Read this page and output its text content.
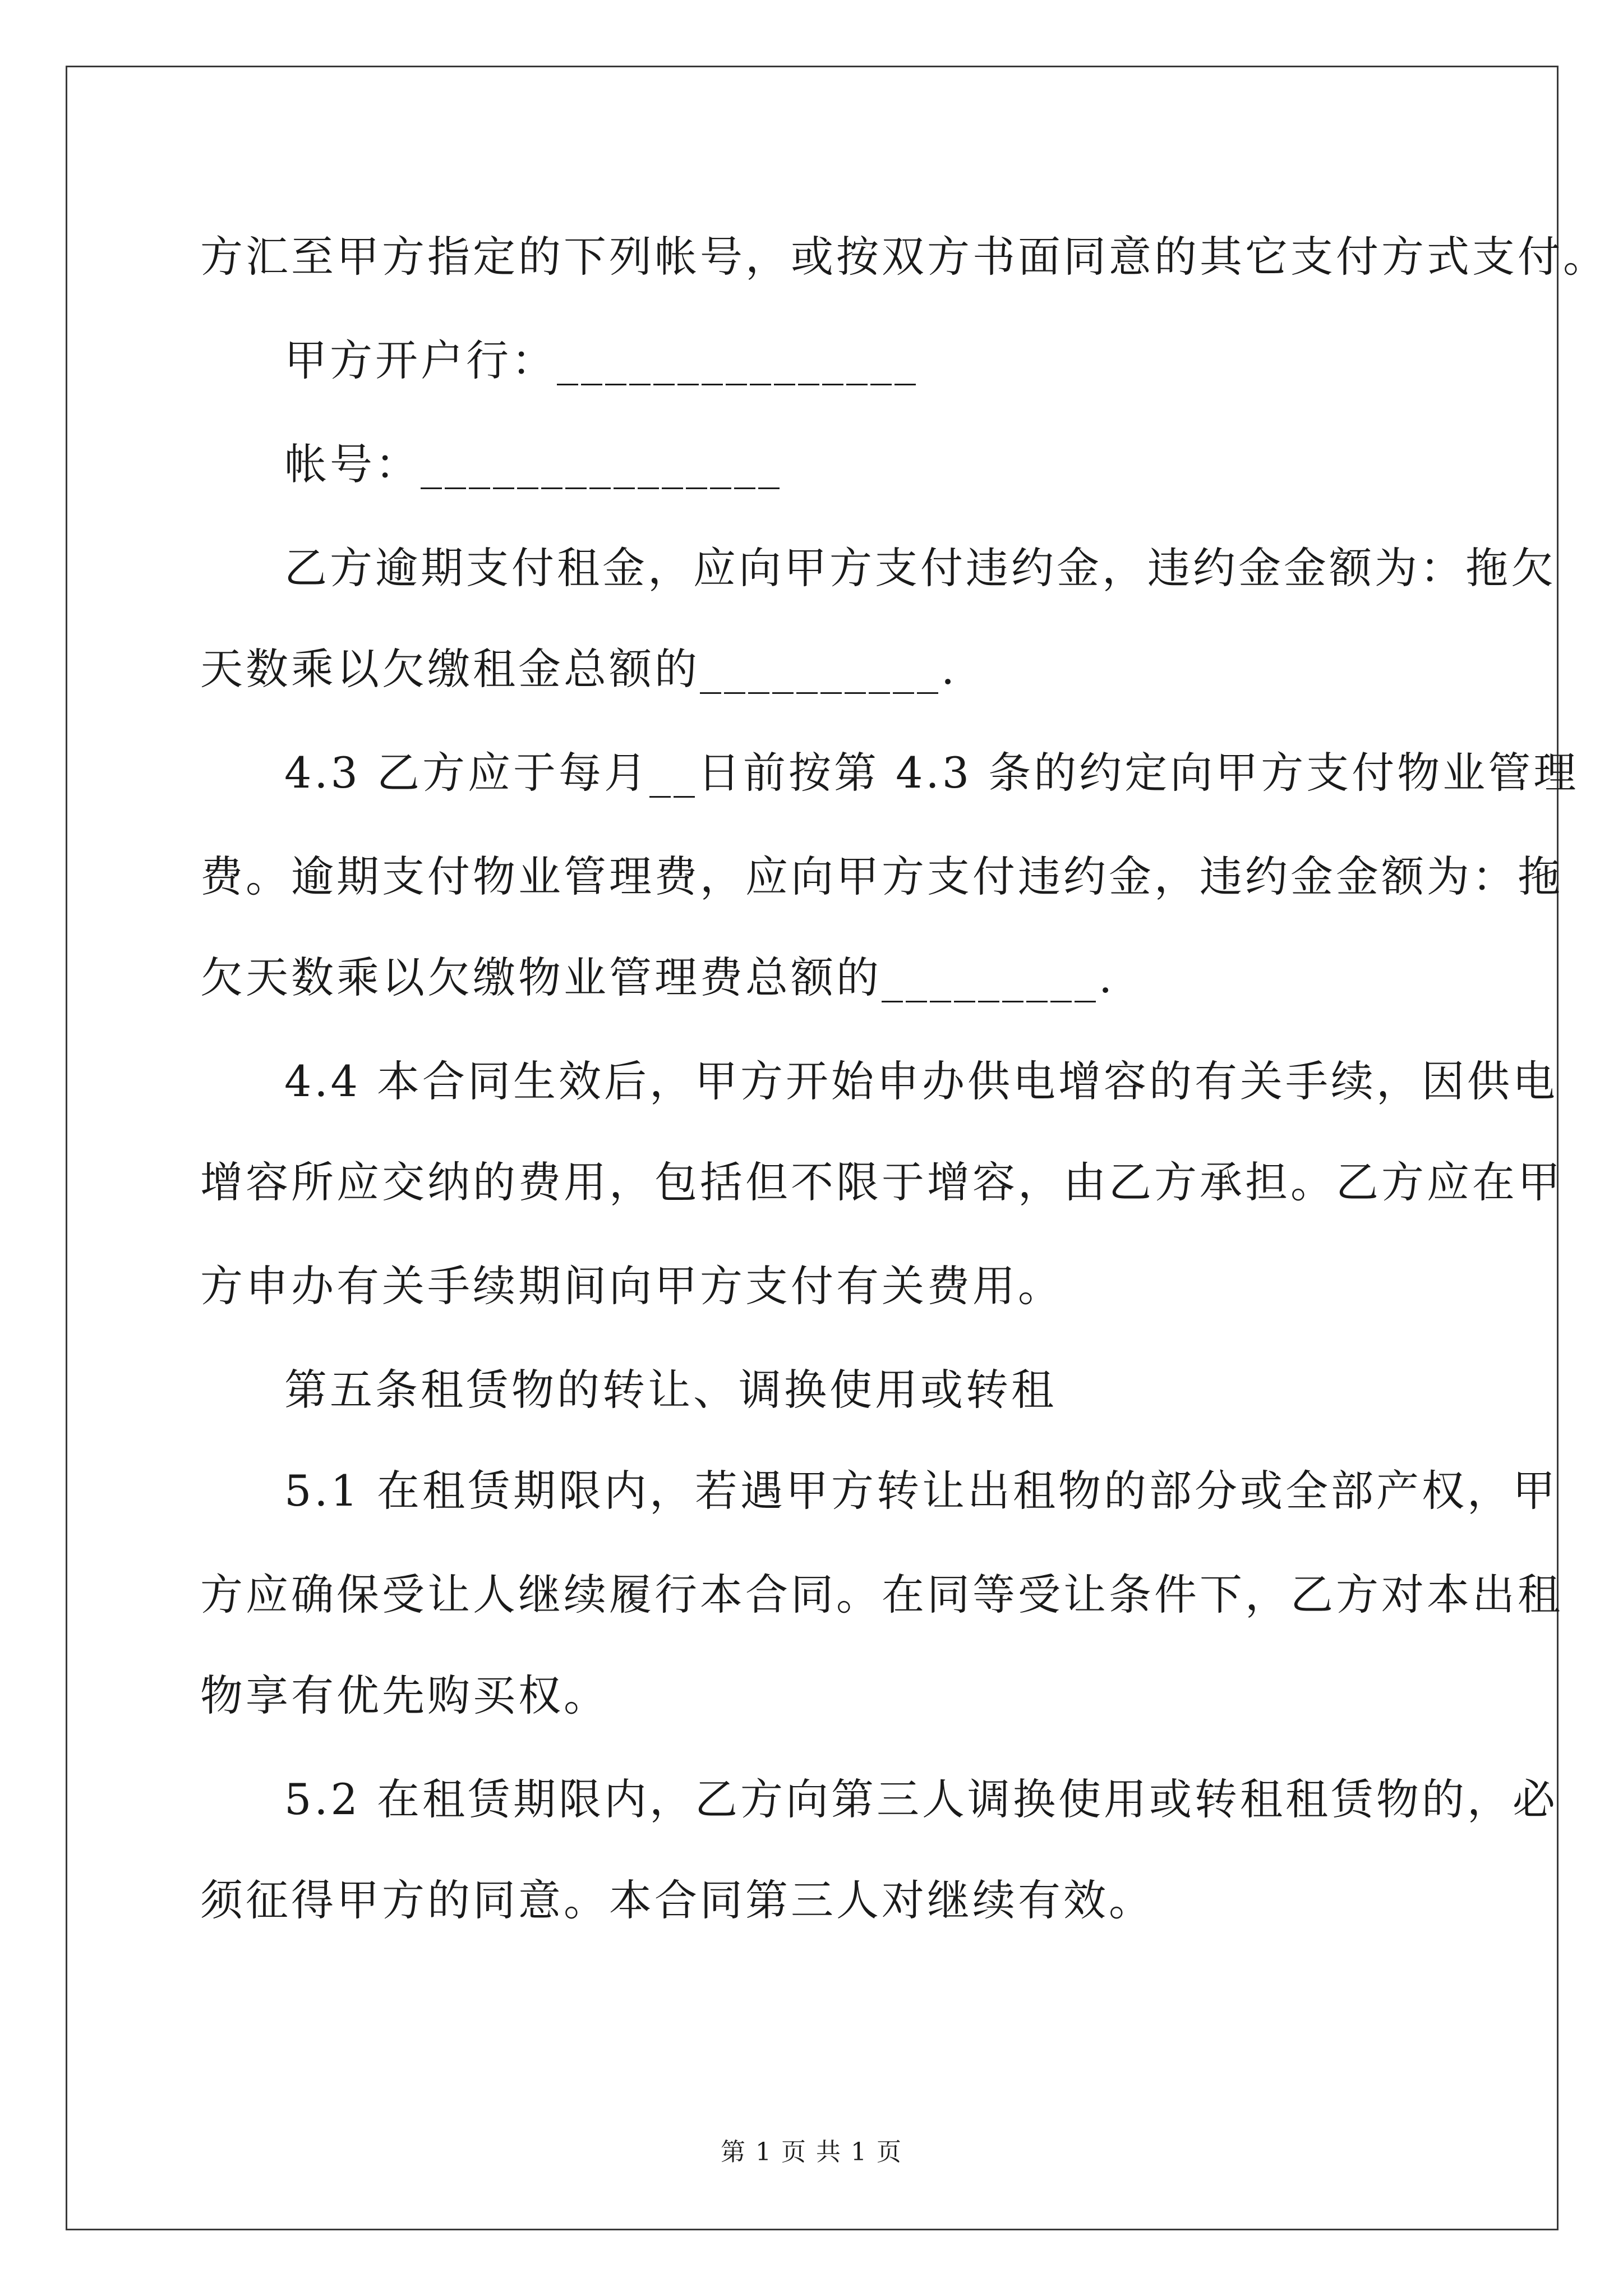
方汇至甲方指定的下列帐号，或按双方书面同意的其它支付方式支付。
甲方开户行：_______________
帐号：_______________
乙方逾期支付租金，应向甲方支付违约金，违约金金额为：拖欠
天数乘以欠缴租金总额的__________.
4.3 乙方应于每月__日前按第 4.3 条的约定向甲方支付物业管理
费。逾期支付物业管理费，应向甲方支付违约金，违约金金额为：拖
欠天数乘以欠缴物业管理费总额的_________.
4.4 本合同生效后，甲方开始申办供电增容的有关手续，因供电
增容所应交纳的费用，包括但不限于增容，由乙方承担。乙方应在甲
方申办有关手续期间向甲方支付有关费用。
第五条租赁物的转让、调换使用或转租
5.1 在租赁期限内，若遇甲方转让出租物的部分或全部产权，甲
方应确保受让人继续履行本合同。在同等受让条件下，乙方对本出租
物享有优先购买权。
5.2 在租赁期限内，乙方向第三人调换使用或转租租赁物的，必
须征得甲方的同意。本合同第三人对继续有效。
第 1 页 共 1 页
